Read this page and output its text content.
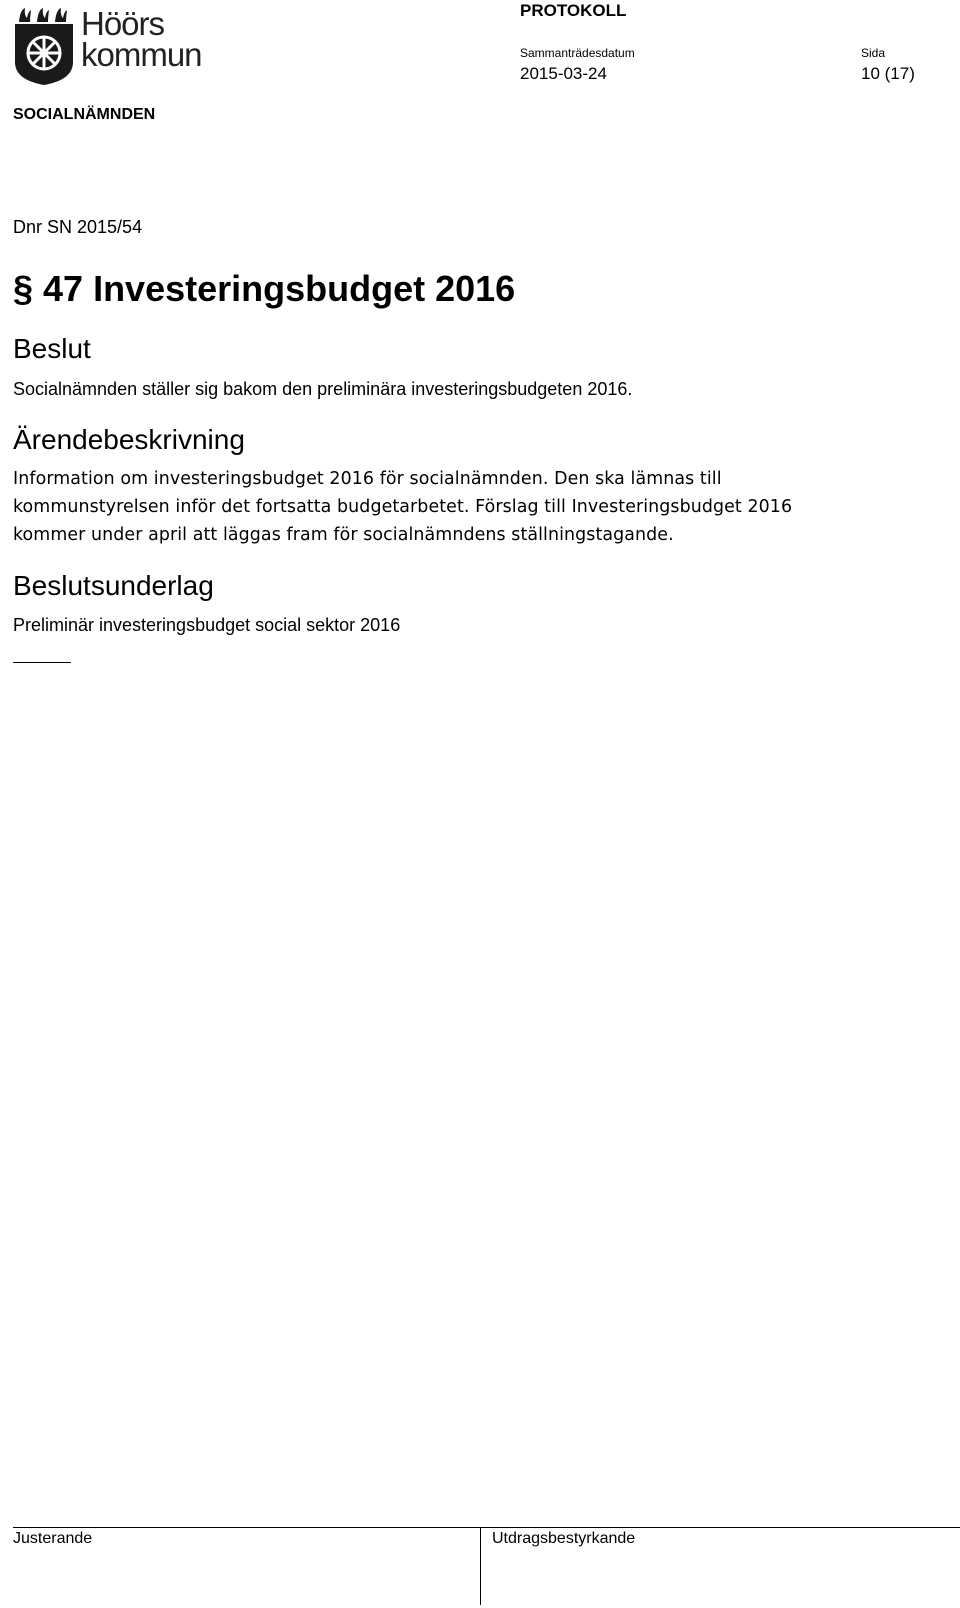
Höörs
kommun
PROTOKOLL
Sammanträdesdatum
2015-03-24
Sida
10 (17)
SOCIALNÄMNDEN
Dnr SN 2015/54
§ 47 Investeringsbudget 2016
Beslut
Socialnämnden ställer sig bakom den preliminära investeringsbudgeten 2016.
Ärendebeskrivning
Information om investeringsbudget 2016 för socialnämnden. Den ska lämnas till
kommunstyrelsen inför det fortsatta budgetarbetet. Förslag till Investeringsbudget 2016
kommer under april att läggas fram för socialnämndens ställningstagande.
Beslutsunderlag
Preliminär investeringsbudget social sektor 2016
Justerande	Utdragsbestyrkande
